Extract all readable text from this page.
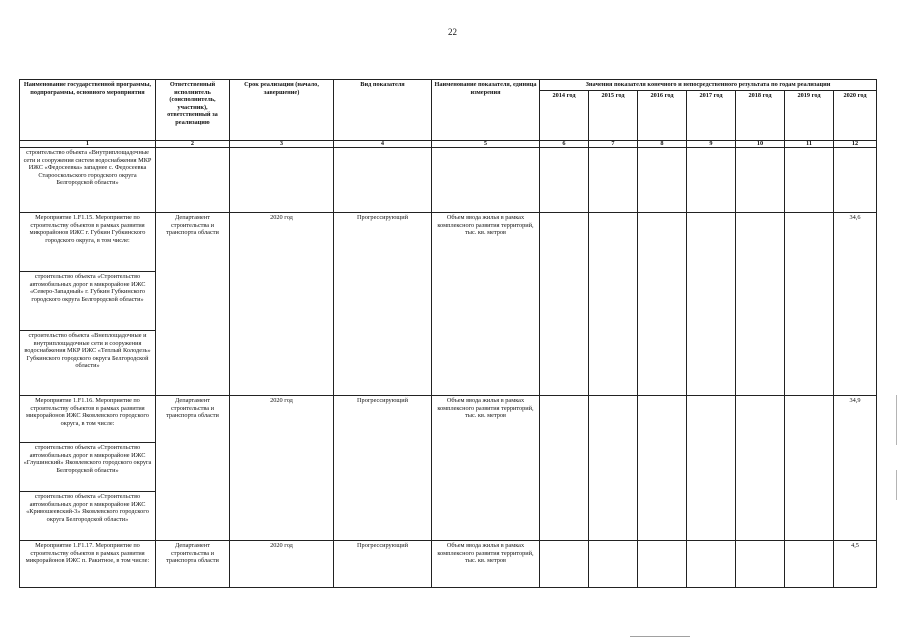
22
Наименование государственной программы, подпрограммы, основного мероприятия	Ответственный исполнитель (соисполнитель, участник), ответственный за реализацию	Срок реализации (начало, завершение)	Вид показателя	Наименование показателя, единица измерения	Значения показателя конечного и непосредственного результата по годам реализации						
					2014 год	2015 год	2016 год	2017 год	2018 год	2019 год	2020 год
1	2	3	4	5	6	7	8	9	10	11	12
строительство объекта «Внутриплощадочные сети и сооружения систем водоснабжения МКР ИЖС «Федосеевка» западнее с. Федосеевка Старооскольского городского округа Белгородской области»											
Мероприятие 1.F1.15. Мероприятие по строительству объектов в рамках развития микрорайонов ИЖС г. Губкин Губкинского городского округа, в том числе:	Департамент строительства и транспорта области	2020 год	Прогрессирующий	Объем ввода жилья в рамках комплексного развития территорий, тыс. кв. метров							34,6
строительство объекта «Строительство автомобильных дорог в микрорайоне ИЖС «Северо-Западный» г. Губкин Губкинского городского округа Белгородской области»											
строительство объекта «Внеплощадочные и внутриплощадочные сети и сооружения водоснабжения МКР ИЖС «Теплый Колодезь» Губкинского городского округа Белгородской области»											
Мероприятие 1.F1.16. Мероприятие по строительству объектов в рамках развития микрорайонов ИЖС Яковлевского городского округа, в том числе:	Департамент строительства и транспорта области	2020 год	Прогрессирующий	Объем ввода жилья в рамках комплексного развития территорий, тыс. кв. метров							34,9
строительство объекта «Строительство автомобильных дорог в микрорайоне ИЖС «Глушинский» Яковлевского городского округа Белгородской области»											
строительство объекта «Строительство автомобильных дорог в микрорайоне ИЖС «Кривошеевский-3» Яковлевского городского округа Белгородской области»											
Мероприятие 1.F1.17. Мероприятие по строительству объектов в рамках развития микрорайонов ИЖС п. Ракитное, в том числе:	Департамент строительства и транспорта области	2020 год	Прогрессирующий	Объем ввода жилья в рамках комплексного развития территорий, тыс. кв. метров							4,5
